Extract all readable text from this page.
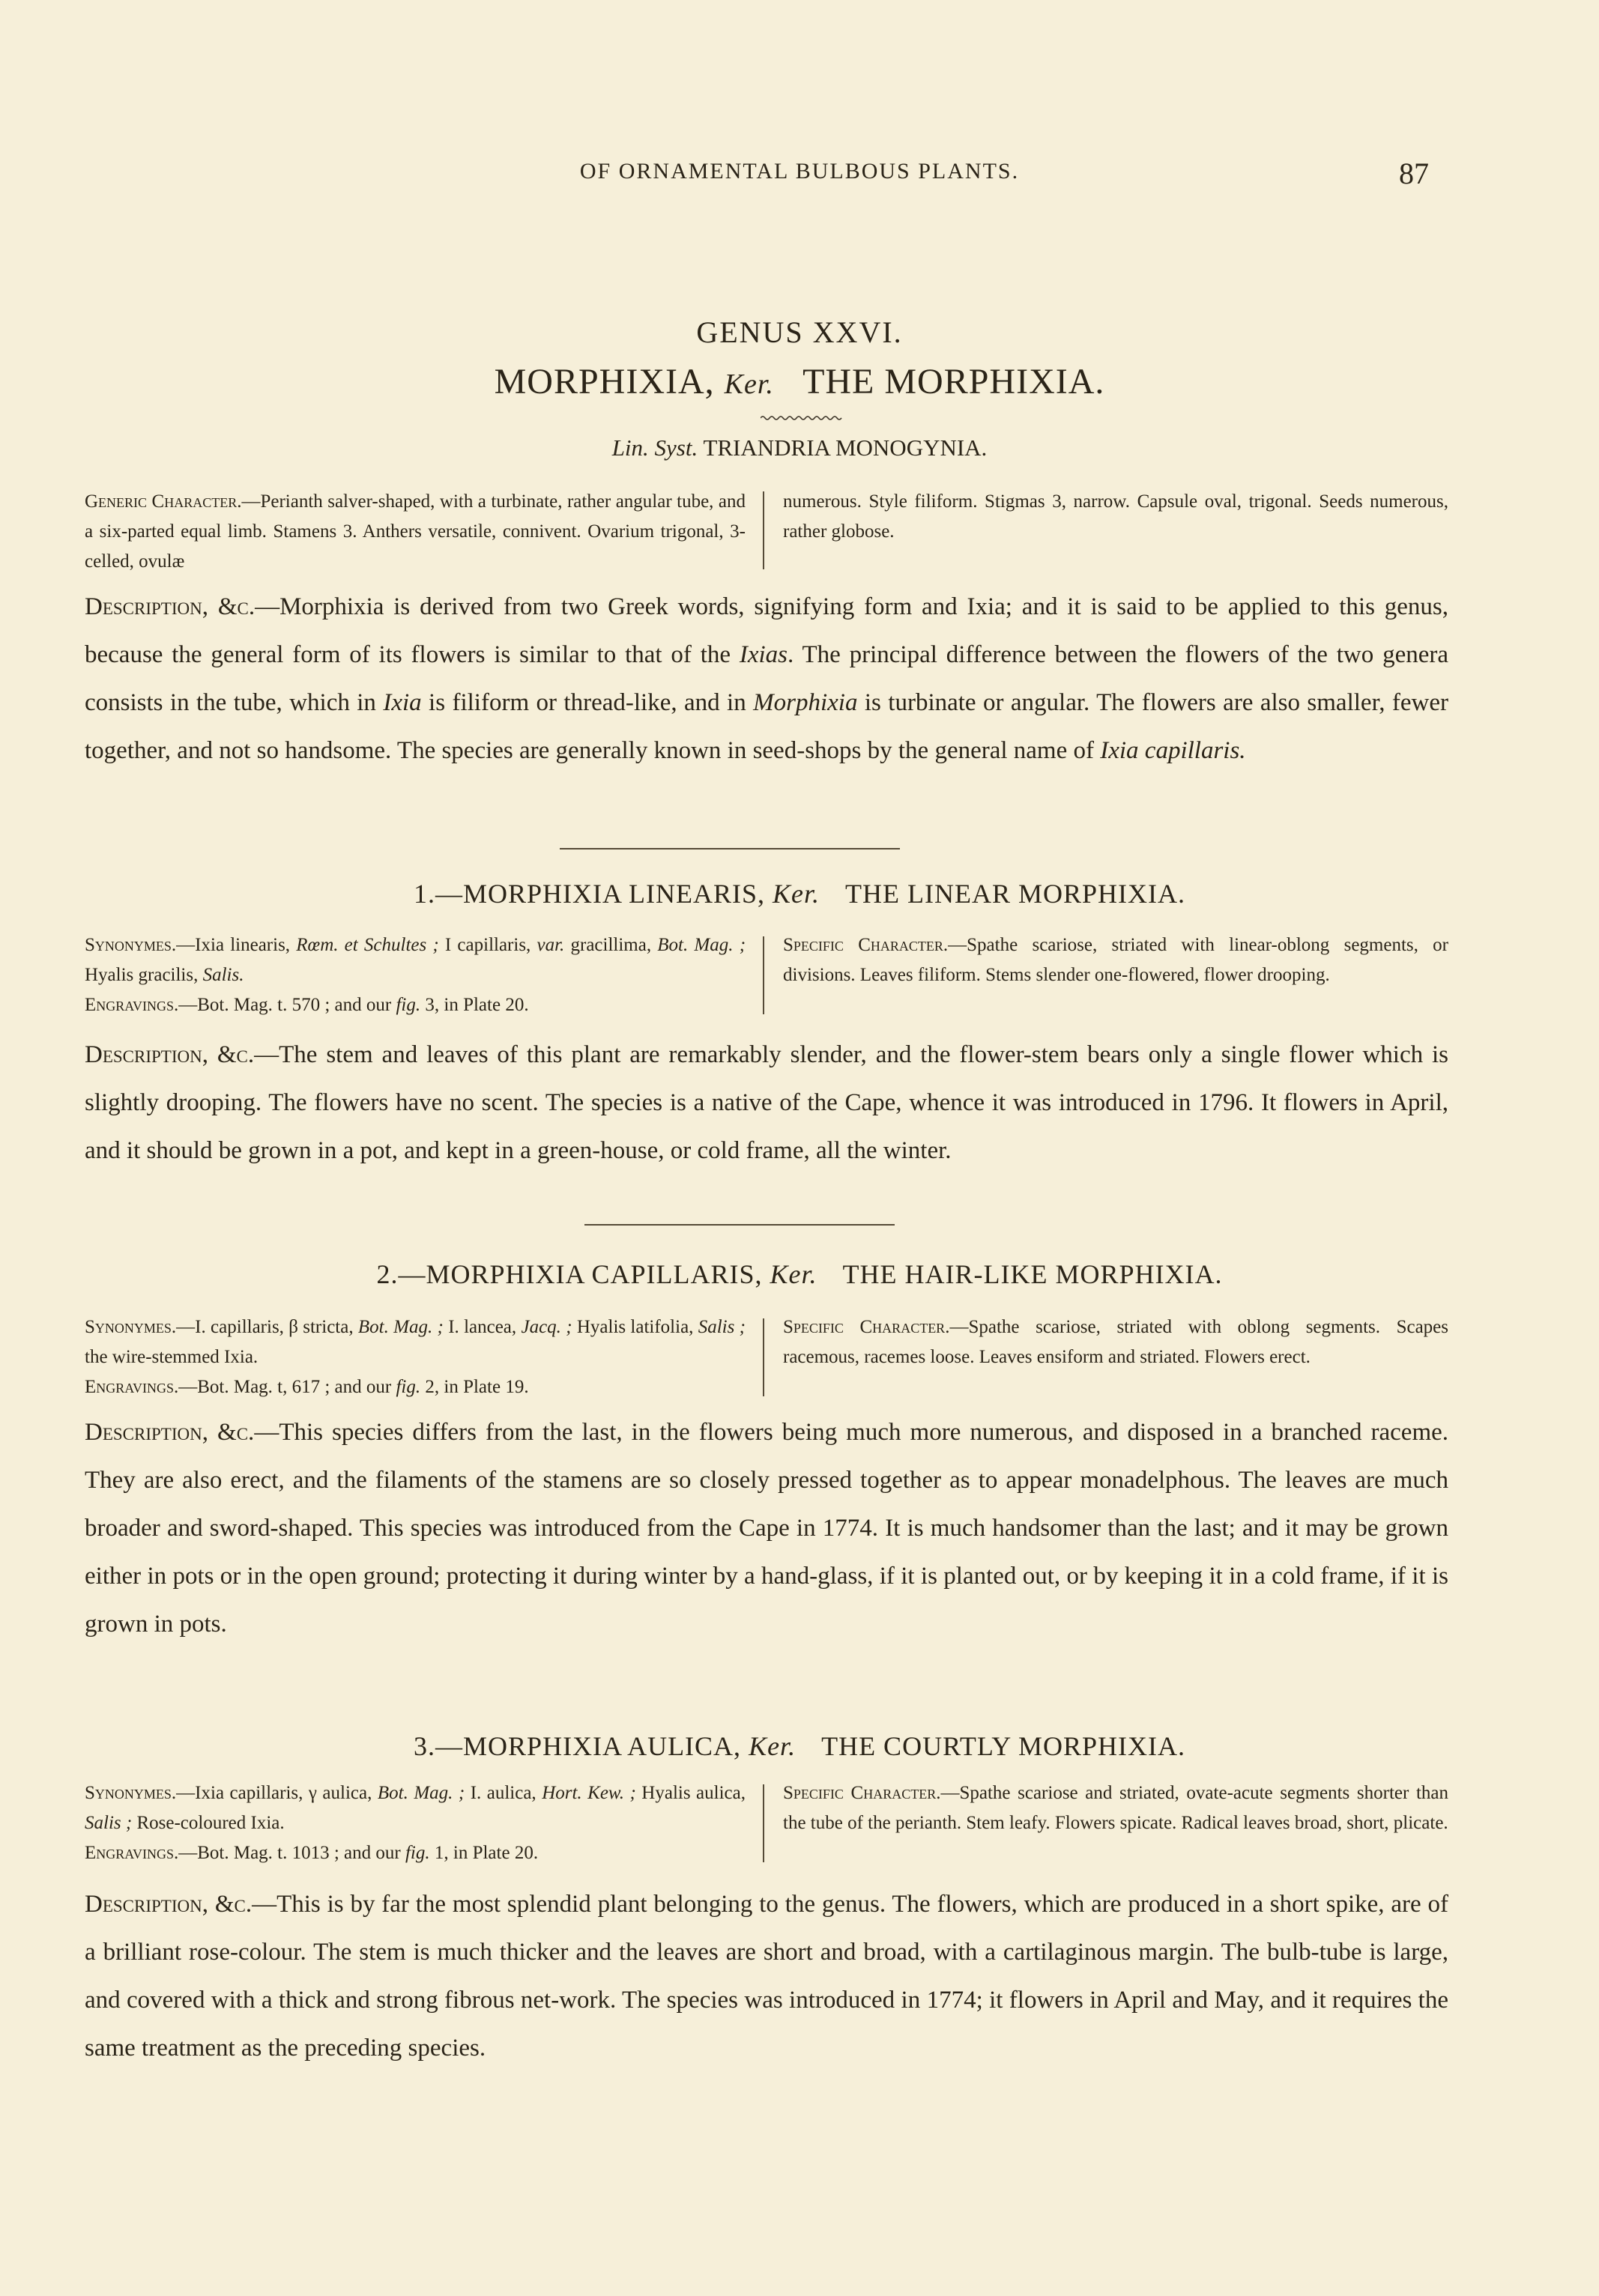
OF ORNAMENTAL BULBOUS PLANTS.	87
GENUS XXVI.
MORPHIXIA, Ker. THE MORPHIXIA.
Lin. Syst. TRIANDRIA MONOGYNIA.
Generic Character.—Perianth salver-shaped, with a turbinate, rather angular tube, and a six-parted equal limb. Stamens 3. Anthers versatile, connivent. Ovarium trigonal, 3-celled, ovulæ
numerous. Style filiform. Stigmas 3, narrow. Capsule oval, trigonal. Seeds numerous, rather globose.
Description, &c.—Morphixia is derived from two Greek words, signifying form and Ixia; and it is said to be applied to this genus, because the general form of its flowers is similar to that of the Ixias. The principal difference between the flowers of the two genera consists in the tube, which in Ixia is filiform or thread-like, and in Morphixia is turbinate or angular. The flowers are also smaller, fewer together, and not so handsome. The species are generally known in seed-shops by the general name of Ixia capillaris.
1.—MORPHIXIA LINEARIS, Ker. THE LINEAR MORPHIXIA.
Synonymes.—Ixia linearis, Rœm. et Schultes ; I capillaris, var. gracillima, Bot. Mag. ; Hyalis gracilis, Salis.
Engravings.—Bot. Mag. t. 570 ; and our fig. 3, in Plate 20.
Specific Character.—Spathe scariose, striated with linear-oblong segments, or divisions. Leaves filiform. Stems slender one-flowered, flower drooping.
Description, &c.—The stem and leaves of this plant are remarkably slender, and the flower-stem bears only a single flower which is slightly drooping. The flowers have no scent. The species is a native of the Cape, whence it was introduced in 1796. It flowers in April, and it should be grown in a pot, and kept in a green-house, or cold frame, all the winter.
2.—MORPHIXIA CAPILLARIS, Ker. THE HAIR-LIKE MORPHIXIA.
Synonymes.—I. capillaris, β stricta, Bot. Mag. ; I. lancea, Jacq. ; Hyalis latifolia, Salis ; the wire-stemmed Ixia.
Engravings.—Bot. Mag. t, 617 ; and our fig. 2, in Plate 19.
Specific Character.—Spathe scariose, striated with oblong segments. Scapes racemous, racemes loose. Leaves ensiform and striated. Flowers erect.
Description, &c.—This species differs from the last, in the flowers being much more numerous, and disposed in a branched raceme. They are also erect, and the filaments of the stamens are so closely pressed together as to appear monadelphous. The leaves are much broader and sword-shaped. This species was introduced from the Cape in 1774. It is much handsomer than the last; and it may be grown either in pots or in the open ground; protecting it during winter by a hand-glass, if it is planted out, or by keeping it in a cold frame, if it is grown in pots.
3.—MORPHIXIA AULICA, Ker. THE COURTLY MORPHIXIA.
Synonymes.—Ixia capillaris, γ aulica, Bot. Mag. ; I. aulica, Hort. Kew. ; Hyalis aulica, Salis ; Rose-coloured Ixia.
Engravings.—Bot. Mag. t. 1013 ; and our fig. 1, in Plate 20.
Specific Character.—Spathe scariose and striated, ovate-acute segments shorter than the tube of the perianth. Stem leafy. Flowers spicate. Radical leaves broad, short, plicate.
Description, &c.—This is by far the most splendid plant belonging to the genus. The flowers, which are produced in a short spike, are of a brilliant rose-colour. The stem is much thicker and the leaves are short and broad, with a cartilaginous margin. The bulb-tube is large, and covered with a thick and strong fibrous net-work. The species was introduced in 1774; it flowers in April and May, and it requires the same treatment as the preceding species.
